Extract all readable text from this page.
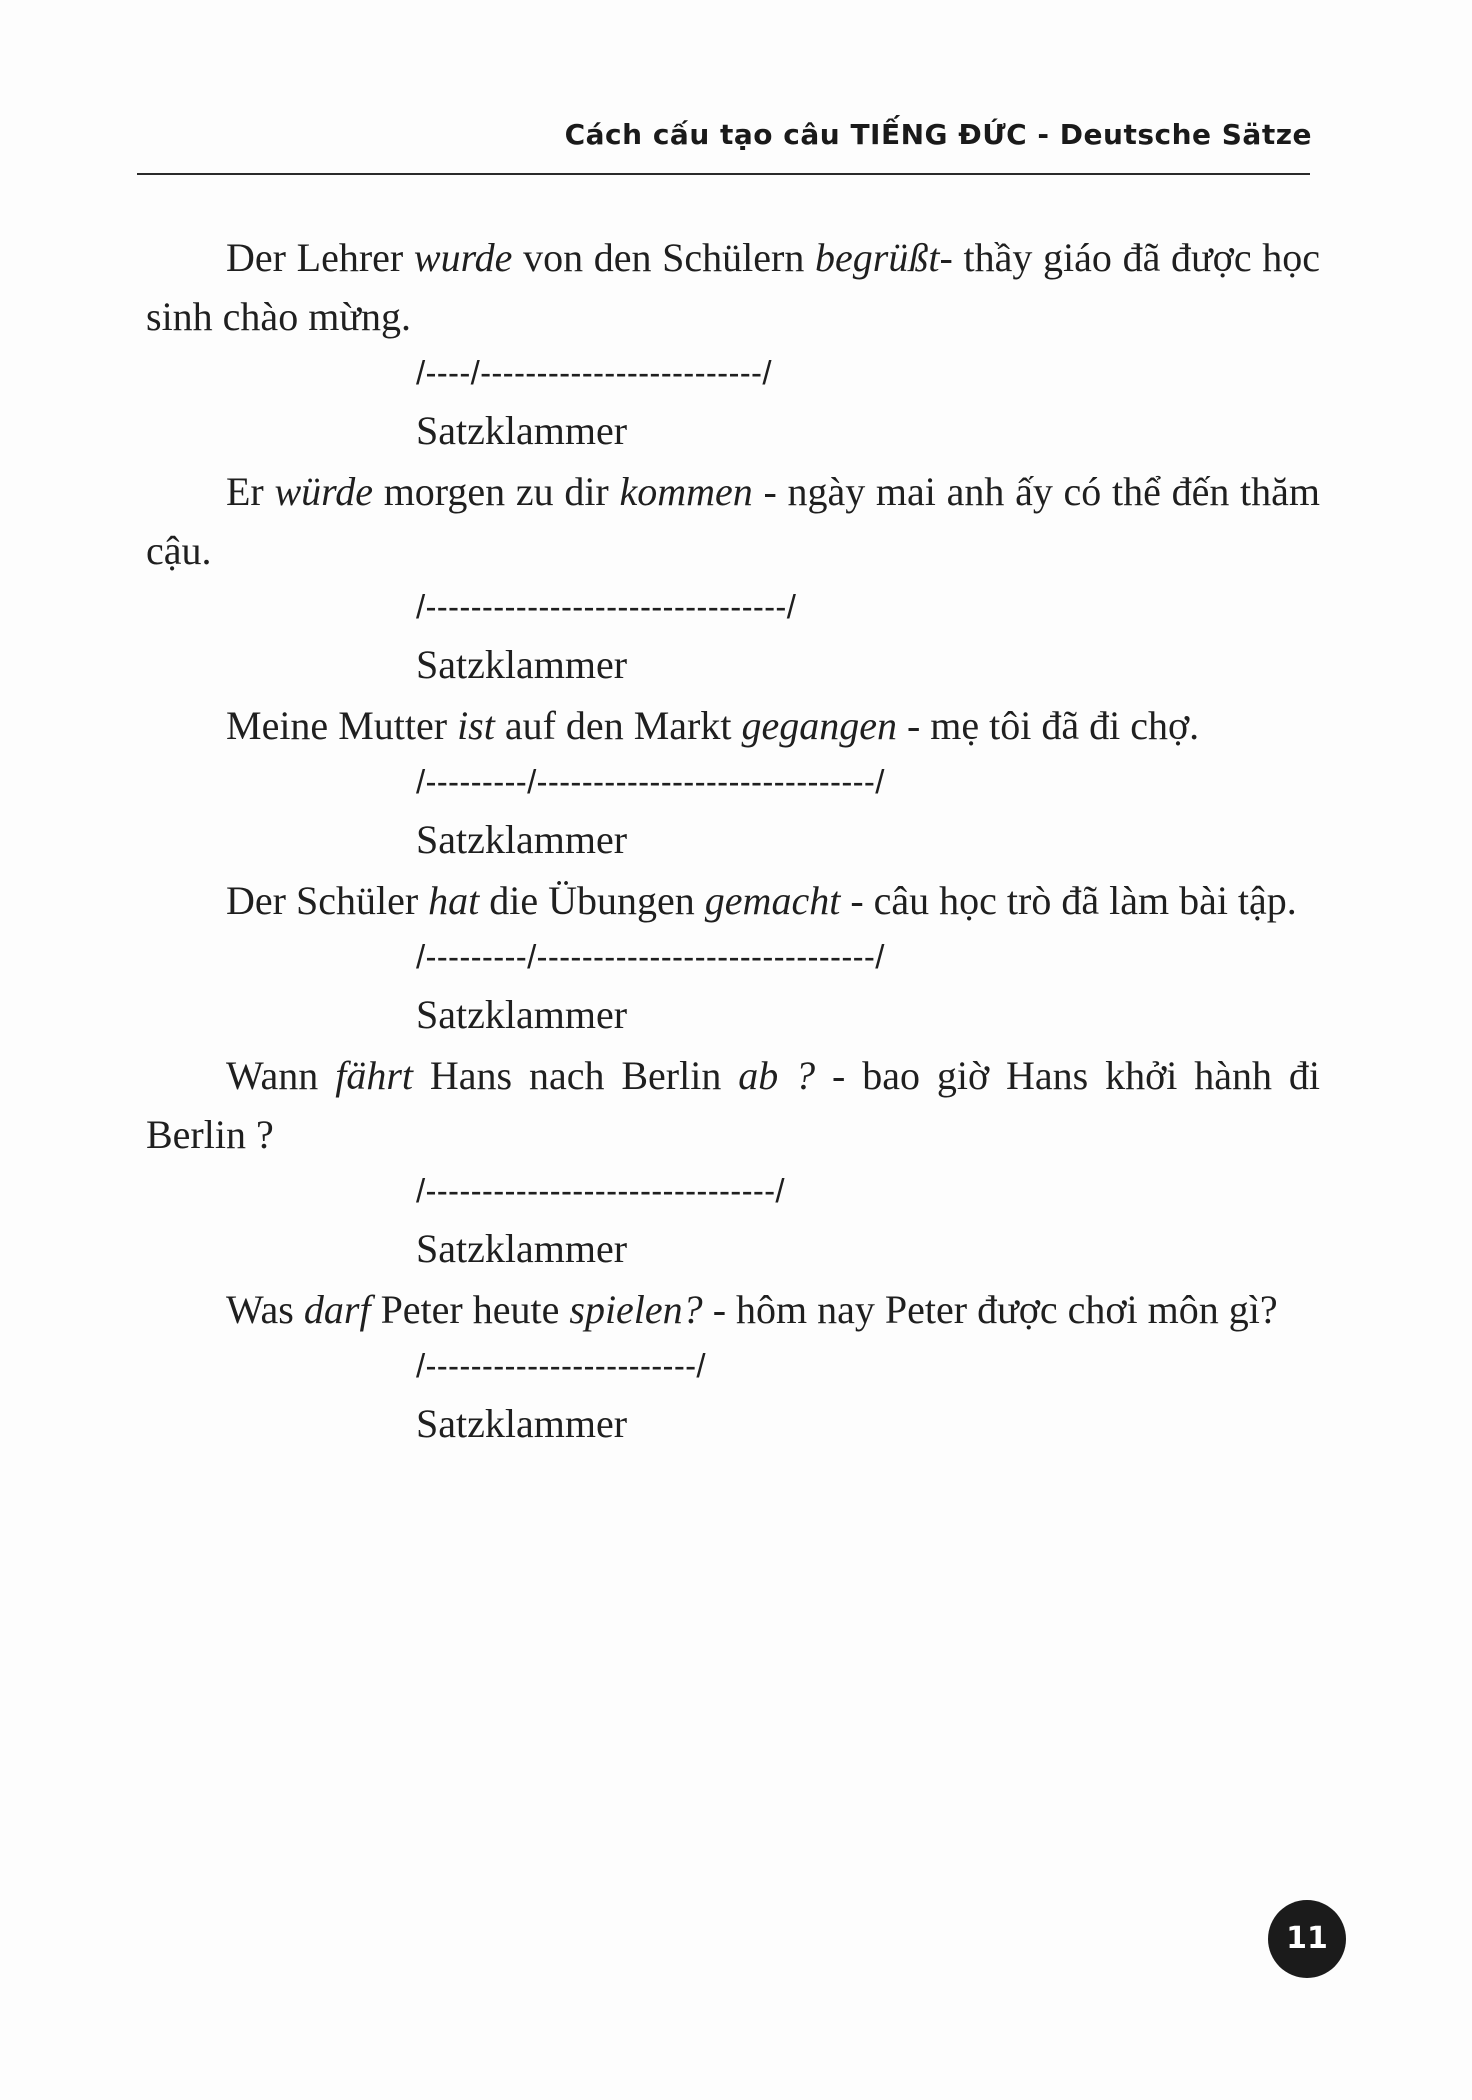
Cách cấu tạo câu TIẾNG ĐỨC - Deutsche Sätze

Der Lehrer wurde von den Schülern begrüßt- thầy giáo đã được học sinh chào mừng.

/----/-------------------------/

Satzklammer

Er würde morgen zu dir kommen - ngày mai anh ấy có thể đến thăm cậu.

/--------------------------------/

Satzklammer

Meine Mutter ist auf den Markt gegangen - mẹ tôi đã đi chợ.

/---------/------------------------------/

Satzklammer

Der Schüler hat die Übungen gemacht - câu học trò đã làm bài tập.

/---------/------------------------------/

Satzklammer

Wann fährt Hans nach Berlin ab ? - bao giờ Hans khởi hành đi Berlin ?

/-------------------------------/

Satzklammer

Was darf Peter heute spielen? - hôm nay Peter được chơi môn gì?

/------------------------/

Satzklammer

11
